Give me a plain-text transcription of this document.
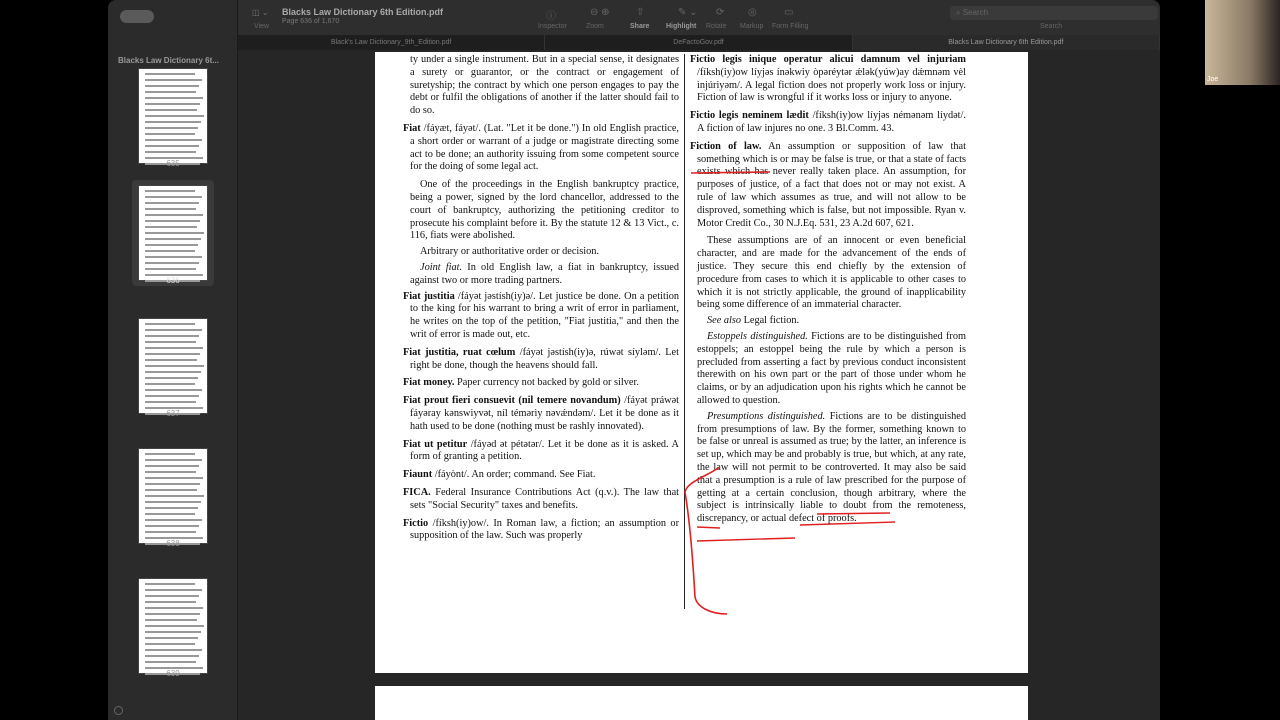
Blacks Law Dictionary 6t...
635
636
637
638
639
◫ ⌄
View
Blacks Law Dictionary 6th Edition.pdf
Page 636 of 1,670	ⓘ	⊖ ⊕	⇧	✎ ⌄ ⟳ ◎	▭
Inspector	Zoom	Share Highlight Rotate Markup Form Filling
⌕ Search
Search
Black's Law Dictionary_9th_Edition.pdf	DeFactoGov.pdf	Blacks Law Dictionary 6th Edition.pdf

ty under a single instrument. But in a special sense, it designates a surety or guarantor, or the contract or engagement of suretyship; the contract by which one person engages to pay the debt or fulfil the obligations of another if the latter should fail to do so.

Fiat /fáyæt, fáyət/. (Lat. "Let it be done.") In old English practice, a short order or warrant of a judge or magistrate directing some act to be done; an authority issuing from some competent source for the doing of some legal act.

One of the proceedings in the English bankruptcy practice, being a power, signed by the lord chancellor, addressed to the court of bankruptcy, authorizing the petitioning creditor to prosecute his complaint before it. By the statute 12 & 13 Vict., c. 116, fiats were abolished.

Arbitrary or authoritative order or decision.

Joint fiat. In old English law, a fiat in bankruptcy, issued against two or more trading partners.

Fiat justitia /fáyət jəstísh(iy)ə/. Let justice be done. On a petition to the king for his warrant to bring a writ of error in parliament, he writes on the top of the petition, "Fiat justitia," and then the writ of error is made out, etc.

Fiat justitia, ruat cœlum /fáyət jəstísh(iy)ə, rúwət síyləm/. Let right be done, though the heavens should fall.

Fiat money. Paper currency not backed by gold or silver.

Fiat prout fieri consuevit (nil temere novandum) /fáyət práwət fáyəray kənswiyvət, níl témərìy nəvǽndəm/. Let it be done as it hath used to be done (nothing must be rashly innovated).

Fiat ut petitur /fáyəd ət pétətər/. Let it be done as it is asked. A form of granting a petition.

Fiaunt /fáyònt/. An order; command. See Fiat.

FICA. Federal Insurance Contributions Act (q.v.). The law that sets "Social Security" taxes and benefits.

Fictio /fíksh(iy)ow/. In Roman law, a fiction; an assumption or supposition of the law. Such was properly

Fictio legis inique operatur alicui damnum vel injuriam /fíksh(iy)ow líyjəs ínəkwiy òpəréytər ǽlək(yúw)ay dǽmnəm vèl ìnjúriyəm/. A legal fiction does not properly work loss or injury. Fiction of law is wrongful if it works loss or injury to anyone.

Fictio legis neminem lædit /fíksh(iy)ow líyjəs némənəm líydət/. A fiction of law injures no one. 3 Bl.Comm. 43.

Fiction of law. An assumption or supposition of law that something which is or may be false is true, or that a state of facts exists which has never really taken place. An assumption, for purposes of justice, of a fact that does not or may not exist. A rule of law which assumes as true, and will not allow to be disproved, something which is false, but not impossible. Ryan v. Motor Credit Co., 30 N.J.Eq. 531, 23 A.2d 607, 621.

These assumptions are of an innocent or even beneficial character, and are made for the advancement of the ends of justice. They secure this end chiefly by the extension of procedure from cases to which it is applicable to other cases to which it is not strictly applicable, the ground of inapplicability being some difference of an immaterial character.

See also Legal fiction.

Estoppels distinguished. Fictions are to be distinguished from estoppels; an estoppel being the rule by which a person is precluded from asserting a fact by previous conduct inconsistent therewith on his own part or the part of those under whom he claims, or by an adjudication upon his rights which he cannot be allowed to question.

Presumptions distinguished. Fictions are to be distinguished from presumptions of law. By the former, something known to be false or unreal is assumed as true; by the latter, an inference is set up, which may be and probably is true, but which, at any rate, the law will not permit to be controverted. It may also be said that a presumption is a rule of law prescribed for the purpose of getting at a certain conclusion, though arbitrary, where the subject is intrinsically liable to doubt from the remoteness, discrepancy, or actual defect of proofs.

Joe
